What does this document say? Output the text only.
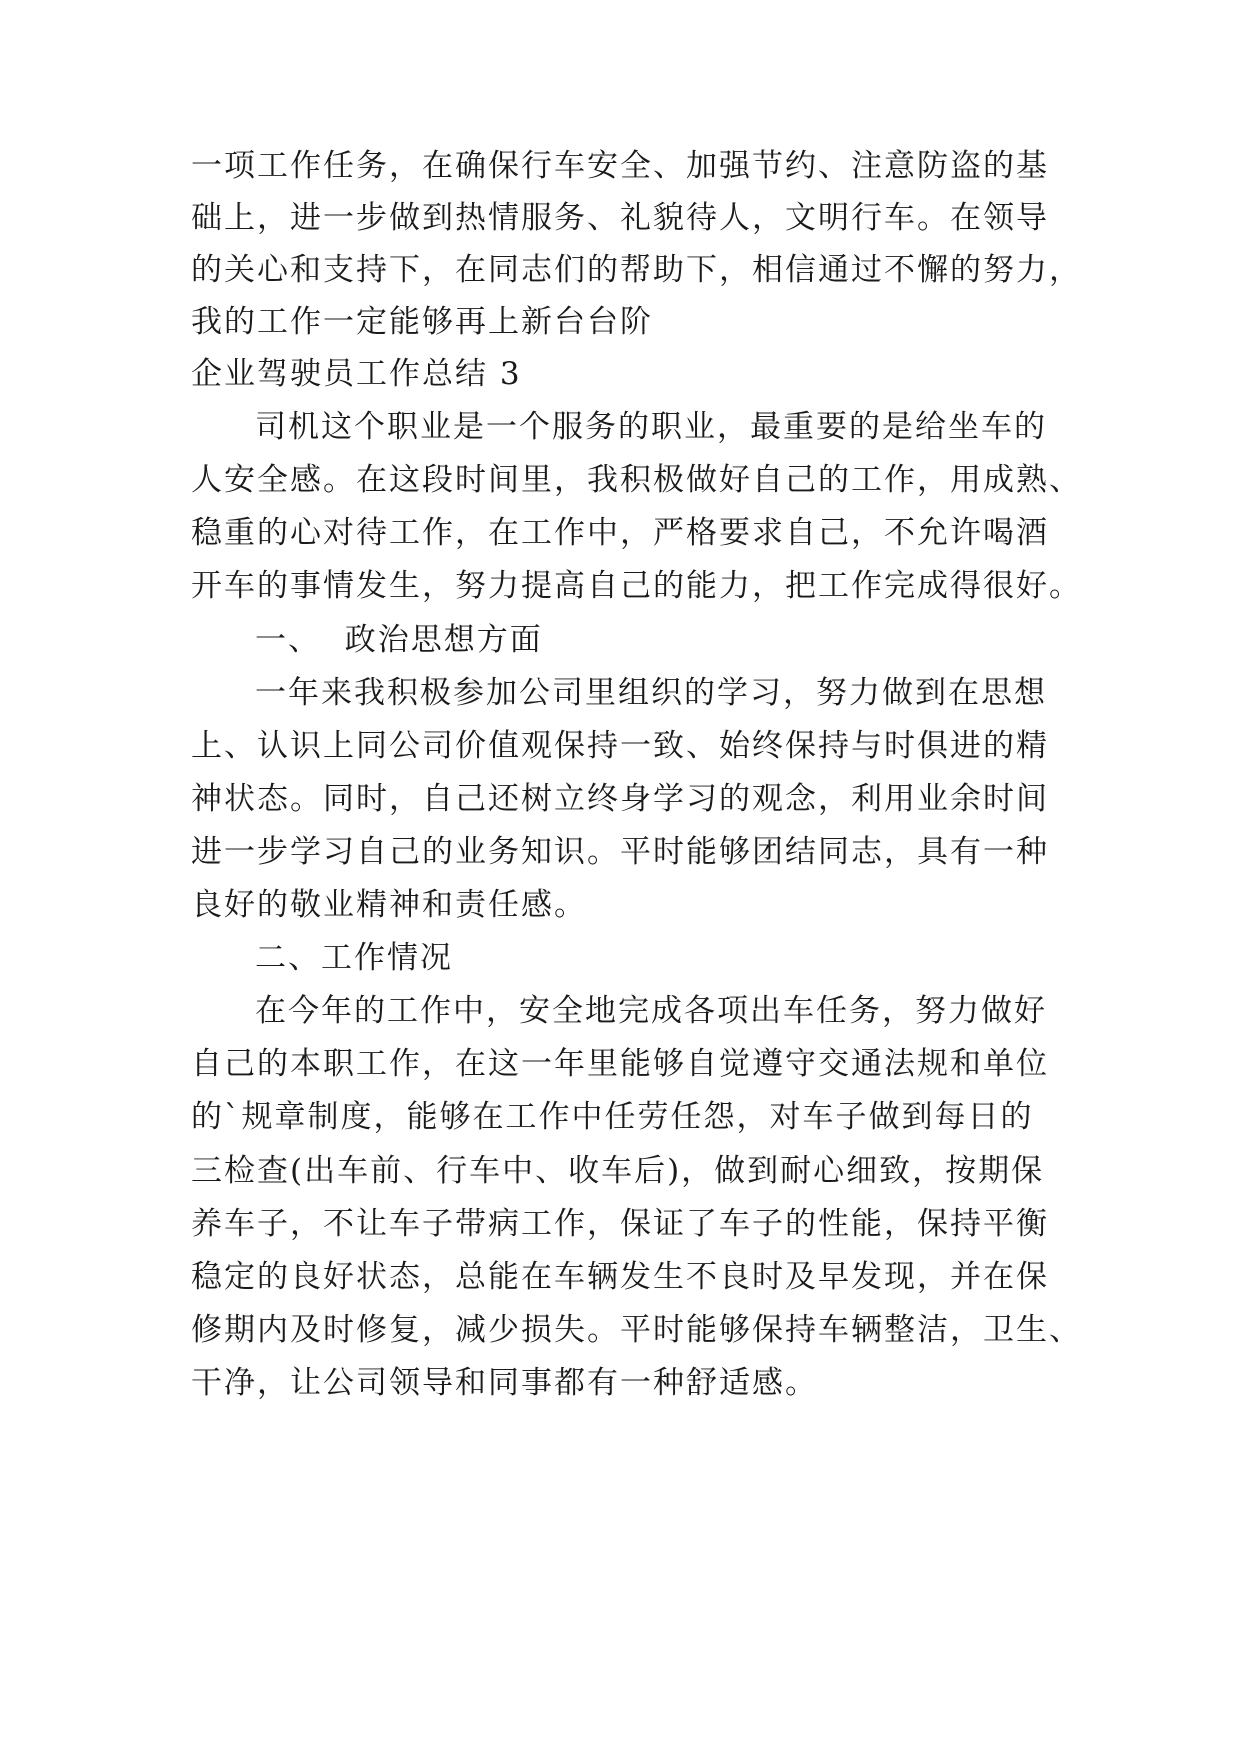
一项工作任务，在确保行车安全、加强节约、注意防盗的基
础上，进一步做到热情服务、礼貌待人，文明行车。在领导
的关心和支持下，在同志们的帮助下，相信通过不懈的努力，
我的工作一定能够再上新台台阶
企业驾驶员工作总结 3
司机这个职业是一个服务的职业，最重要的是给坐车的
人安全感。在这段时间里，我积极做好自己的工作，用成熟、
稳重的心对待工作，在工作中，严格要求自己，不允许喝酒
开车的事情发生，努力提高自己的能力，把工作完成得很好。
一、  政治思想方面
一年来我积极参加公司里组织的学习，努力做到在思想
上、认识上同公司价值观保持一致、始终保持与时俱进的精
神状态。同时，自己还树立终身学习的观念，利用业余时间
进一步学习自己的业务知识。平时能够团结同志，具有一种
良好的敬业精神和责任感。
二、工作情况
在今年的工作中，安全地完成各项出车任务，努力做好
自己的本职工作，在这一年里能够自觉遵守交通法规和单位
的`规章制度，能够在工作中任劳任怨，对车子做到每日的
三检查(出车前、行车中、收车后)，做到耐心细致，按期保
养车子，不让车子带病工作，保证了车子的性能，保持平衡
稳定的良好状态，总能在车辆发生不良时及早发现，并在保
修期内及时修复，减少损失。平时能够保持车辆整洁，卫生、
干净，让公司领导和同事都有一种舒适感。
